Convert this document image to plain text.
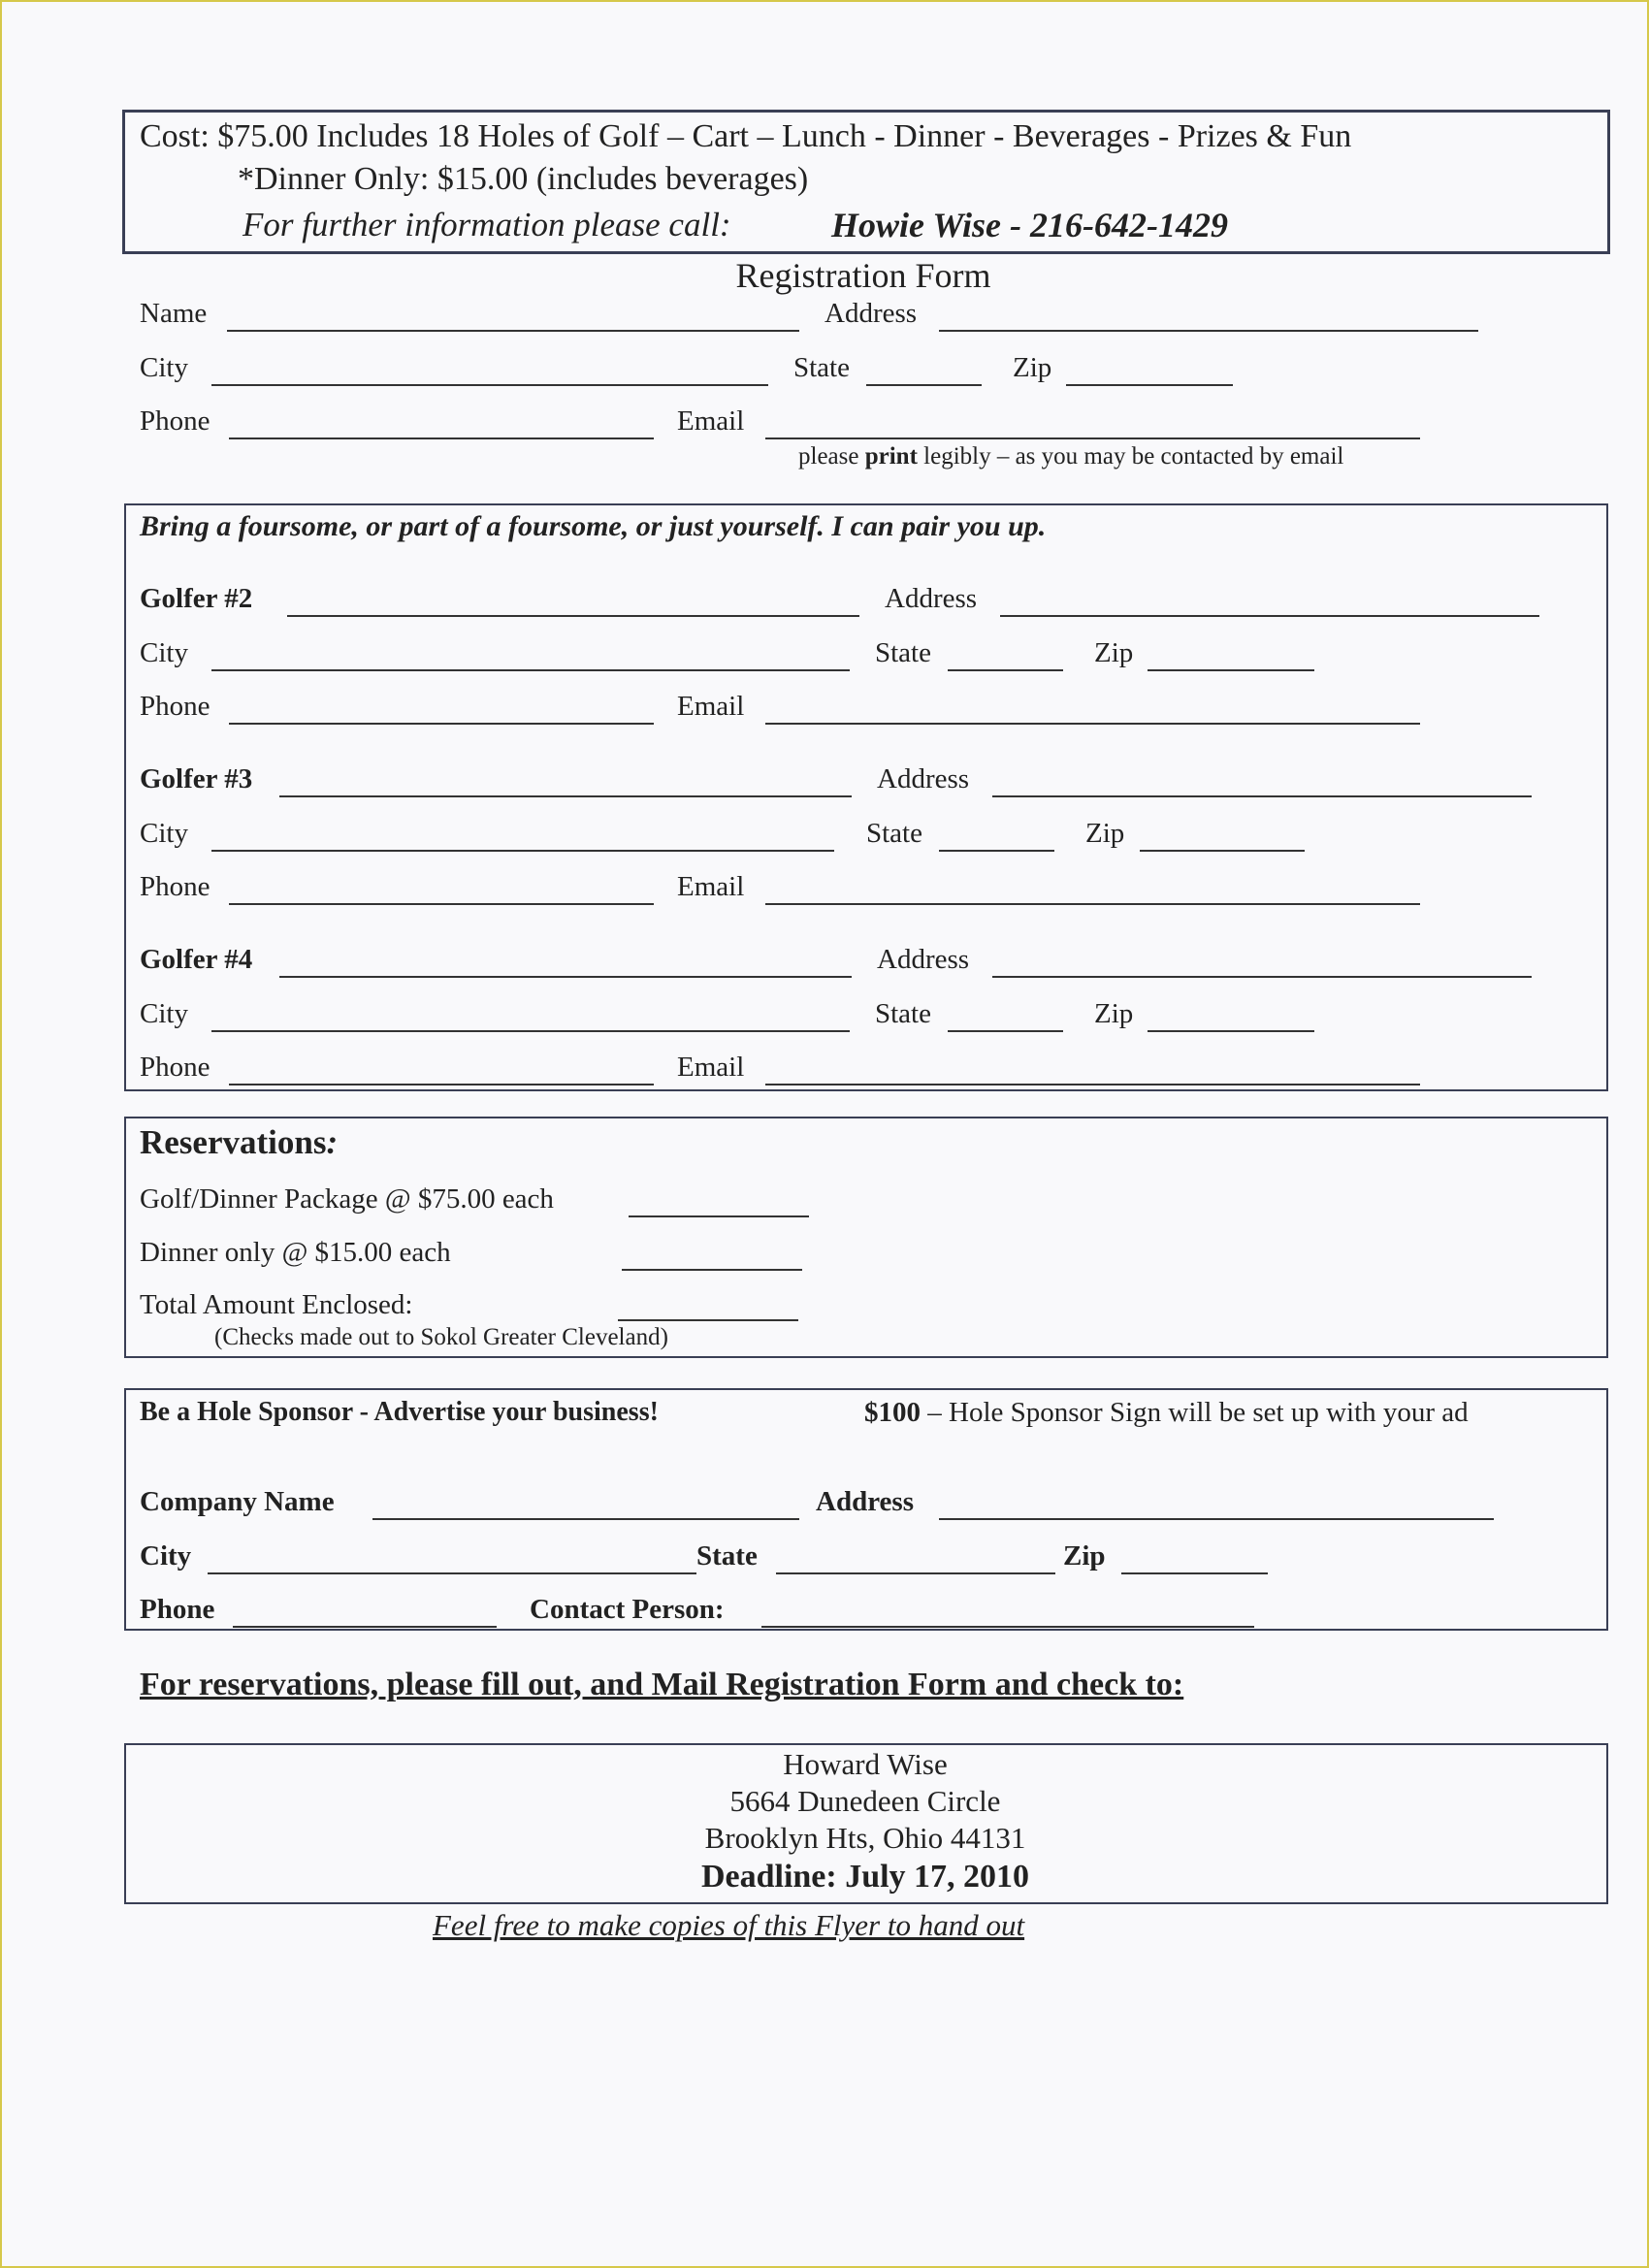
Cost: $75.00 Includes 18 Holes of Golf – Cart – Lunch - Dinner - Beverages - Prizes & Fun
*Dinner Only: $15.00 (includes beverages)
For further information please call:	Howie Wise - 216-642-1429
Registration Form
Name	Address
City	State	Zip
Phone	Email
please print legibly – as you may be contacted by email
Bring a foursome, or part of a foursome, or just yourself. I can pair you up.
Golfer #2	Address
City	State	Zip
Phone	Email
Golfer #3	Address
City	State	Zip
Phone	Email
Golfer #4	Address
City	State	Zip
Phone	Email
Reservations:
Golf/Dinner Package @ $75.00 each
Dinner only @ $15.00 each
Total Amount Enclosed:
(Checks made out to Sokol Greater Cleveland)
Be a Hole Sponsor - Advertise your business!	$100 – Hole Sponsor Sign will be set up with your ad
Company Name	Address
City	State	Zip
Phone	Contact Person:
For reservations, please fill out, and Mail Registration Form and check to:
Howard Wise
5664 Dunedeen Circle
Brooklyn Hts, Ohio 44131
Deadline: July 17, 2010
Feel free to make copies of this Flyer to hand out
